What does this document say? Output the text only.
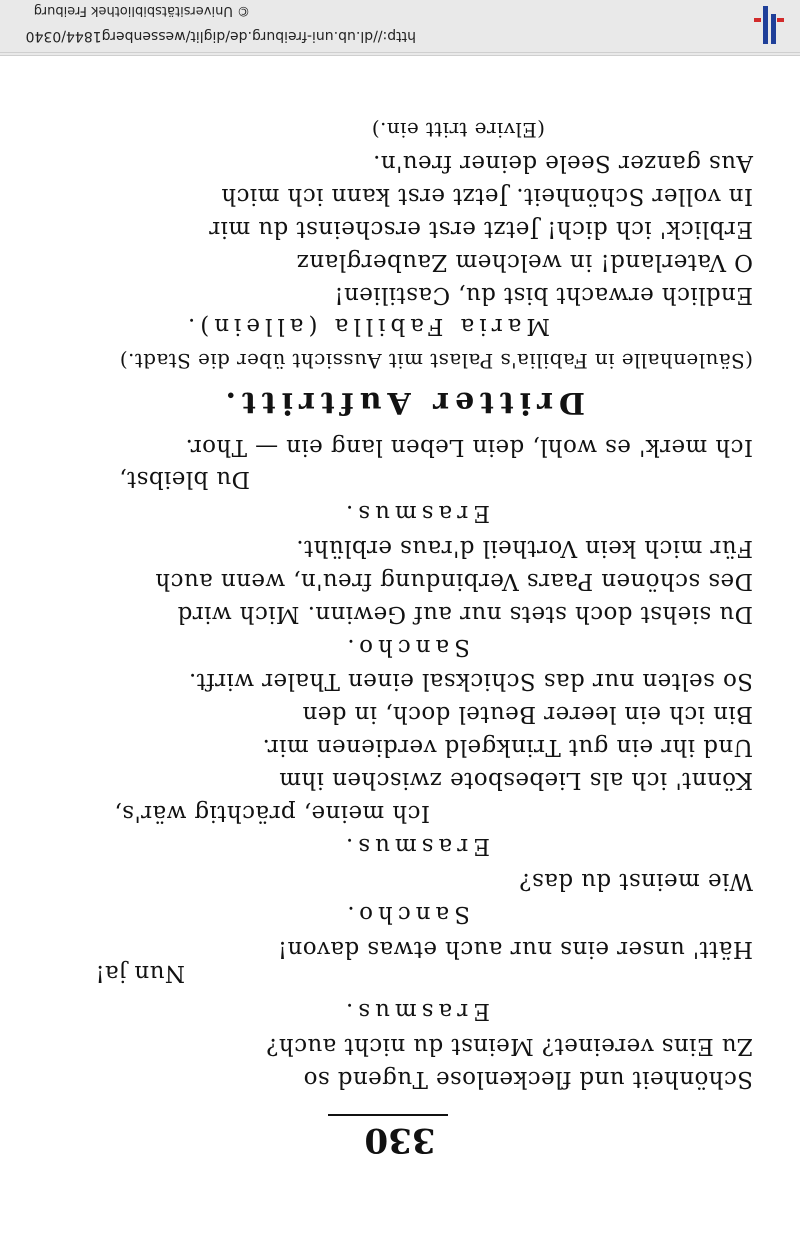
330
Schönheit und fleckenlose Tugend so
Zu Eins vereinet? Meinst du nicht auch?
Erasmus.
Nun ja!
Hätt' unser eins nur auch etwas davon!
Sancho.
Wie meinst du das?
Erasmus.
Ich meine, prächtig wär's,
Könnt' ich als Liebesbote zwischen ihm
Und ihr ein gut Trinkgeld verdienen mir.
Bin ich ein leerer Beutel doch, in den
So selten nur das Schicksal einen Thaler wirft.
Sancho.
Du siehst doch stets nur auf Gewinn. Mich wird
Des schönen Paars Verbindung freu'n, wenn auch
Für mich kein Vortheil d'raus erblüht.
Erasmus.
Du bleibst,
Ich merk' es wohl, dein Leben lang ein — Thor.
Dritter Auftritt.
(Säulenhalle in Fabilia's Palast mit Aussicht über die Stadt.)
Maria Fabilla (allein).
Endlich erwacht bist du, Castilien!
O Vaterland! in welchem Zauberglanz
Erblick' ich dich! Jetzt erst erscheinst du mir
In voller Schönheit. Jetzt erst kann ich mich
Aus ganzer Seele deiner freu'n.
(Elvire tritt ein.)
© Universitätsbibliothek Freiburg
http://dl.ub.uni-freiburg.de/diglit/wessenberg1844/0340
